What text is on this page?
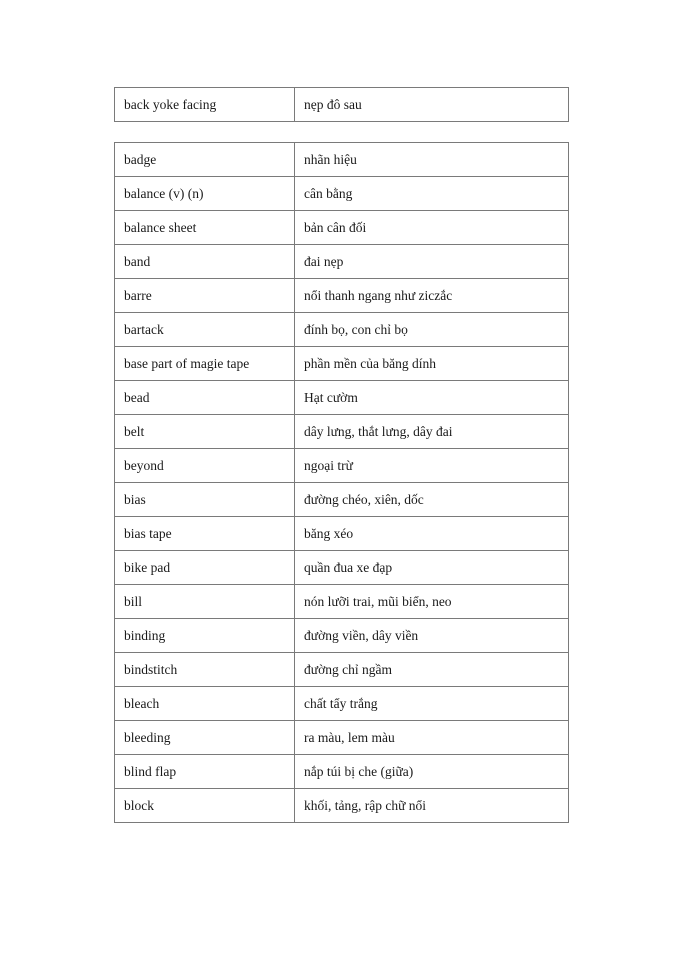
back yoke facing	nẹp đô sau
badge	nhãn hiệu
balance (v) (n)	cân bằng
balance sheet	bản cân đối
band	đai nẹp
barre	nổi thanh ngang như ziczắc
bartack	đính bọ, con chỉ bọ
base part of magie tape	phần mền của băng dính
bead	Hạt cườm
belt	dây lưng, thắt lưng, dây đai
beyond	ngoại trừ
bias	đường chéo, xiên, dốc
bias tape	băng xéo
bike pad	quần đua xe đạp
bill	nón lưỡi trai, mũi biển, neo
binding	đường viền, dây viền
bindstitch	đường chỉ ngầm
bleach	chất tẩy trắng
bleeding	ra màu, lem màu
blind flap	nắp túi bị che (giữa)
block	khối, tảng, rập chữ nổi
